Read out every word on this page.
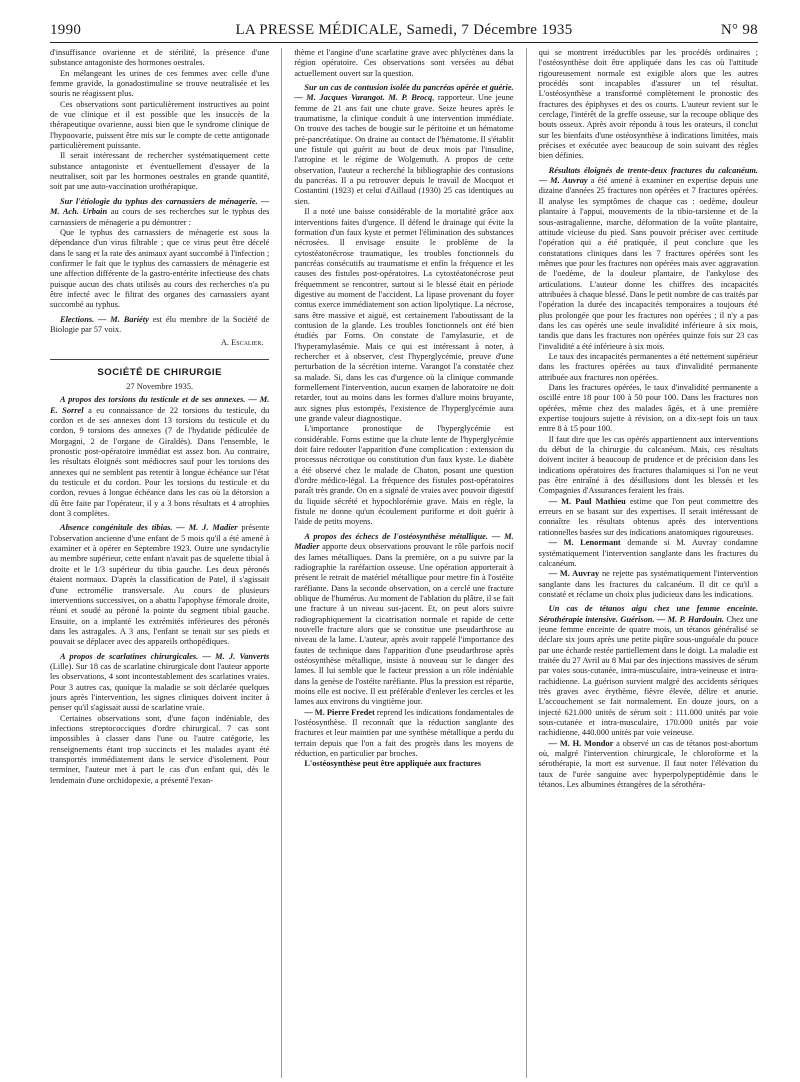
1990	LA PRESSE MÉDICALE, Samedi, 7 Décembre 1935	N° 98

d'insuffisance ovarienne et de stérilité, la présence d'une substance antagoniste des hormones oestrales.

En mélangeant les urines de ces femmes avec celle d'une femme gravide, la gonadostimuline se trouve neutralisée et les souris ne réagissent plus.

Ces observations sont particulièrement instructives au point de vue clinique et il est possible que les insuccès de la thérapeutique ovarienne, aussi bien que le syndrome clinique de l'hypoovarie, puissent être mis sur le compte de cette antigonade particulièrement puissante.

Il serait intéressant de rechercher systématiquement cette substance antagoniste et éventuellement d'essayer de la neutraliser, soit par les hormones oestrales en grande quantité, soit par une auto-vaccination urothérapique.

Sur l'étiologie du typhus des carnassiers de ménagerie. — M. Ach. Urbain au cours de ses recherches sur le typhus des carnassiers de ménagerie a pu démontrer :

Que le typhus des carnassiers de ménagerie est sous la dépendance d'un virus filtrable ; que ce virus peut être décelé dans le sang et la rate des animaux ayant succombé à l'infection ; confirmer le fait que le typhus des carnassiers de ménagerie est une affection différente de la gastro-entérite infectieuse des chats puisque aucun des chats utilisés au cours des recherches n'a pu être infecté avec le filtrat des organes des carnassiers ayant succombé au typhus.

Elections. — M. Bariéty est élu membre de la Société de Biologie par 57 voix.

A. Escalier.
SOCIÉTÉ DE CHIRURGIE
27 Novembre 1935.

A propos des torsions du testicule et de ses annexes. — M. E. Sorrel a eu connaissance de 22 torsions du testicule, du cordon et de ses annexes dont 13 torsions du testicule et du cordon, 9 torsions des annexes (7 de l'hydatide pédiculée de Morgagni, 2 de l'organe de Giraldès). Dans l'ensemble, le pronostic post-opératoire immédiat est assez bon. Au contraire, les résultats éloignés sont médiocres sauf pour les torsions des annexes qui ne semblent pas retentir à longue échéance sur l'état du testicule et du cordon. Pour les torsions du testicule et du cordon, revues à longue échéance dans les cas où la détorsion a dû être faite par l'opérateur, il y a 3 bons résultats et 4 atrophies dont 3 complètes.

Absence congénitale des tibias. — M. J. Madier présente l'observation ancienne d'une enfant de 5 mois qu'il a été amené à examiner et à opérer en Septembre 1923. Outre une syndactylie au membre supérieur, cette enfant n'avait pas de squelette tibial à droite et le 1/3 supérieur du tibia gauche. Les deux péronés étaient normaux. D'après la classification de Patel, il s'agissait d'une ectromélie transversale. Au cours de plusieurs interventions successives, on a abattu l'apophyse fémorale droite, réuni et soudé au péroné la pointe du segment tibial gauche. Ensuite, on a implanté les extrémités inférieures des péronés dans les astragales. A 3 ans, l'enfant se tenait sur ses pieds et pouvait se déplacer avec des appareils orthopédiques.

A propos de scarlatines chirurgicales. — M. J. Vanverts (Lille). Sur 18 cas de scarlatine chirurgicale dont l'auteur apporte les observations, 4 sont incontestablement des scarlatines vraies. Pour 3 autres cas, quoique la maladie se soit déclarée quelques jours après l'intervention, les signes cliniques doivent inciter à penser qu'il s'agissait aussi de scarlatine vraie.

Certaines observations sont, d'une façon indéniable, des infections streptococciques d'ordre chirurgical. 7 cas sont impossibles à classer dans l'une ou l'autre catégorie, les renseignements étant trop succincts et les malades ayant été transportés immédiatement dans le service d'isolement. Pour terminer, l'auteur met à part le cas d'un enfant qui, dès le lendemain d'une orchidopexie, a présenté l'exan-

thème et l'angine d'une scarlatine grave avec phlyctènes dans la région opératoire. Ces observations sont versées au débat actuellement ouvert sur la question.

Sur un cas de contusion isolée du pancréas opérée et guérie. — M. Jacques Varangot. M. P. Brocq, rapporteur. Une jeune femme de 21 ans fait une chute grave. Seize heures après le traumatisme, la clinique conduit à une intervention immédiate. On trouve des taches de bougie sur le péritoine et un hématome pré-pancréatique. On draine au contact de l'hématome. Il s'établit une fistule qui guérit au bout de deux mois par l'insuline, l'atropine et le régime de Wolgemuth. A propos de cette observation, l'auteur a recherché la bibliographie des contusions du pancréas. Il a pu retrouver depuis le travail de Mocquot et Costantini (1923) et celui d'Aillaud (1930) 25 cas identiques au sien.

Il a noté une baisse considérable de la mortalité grâce aux interventions faites d'urgence. Il défend le drainage qui évite la formation d'un faux kyste et permet l'élimination des substances nécrosées. Il envisage ensuite le problème de la cytostéatonécrose traumatique, les troubles fonctionnels du pancréas consécutifs au traumatisme et enfin la fréquence et les causes des fistules post-opératoires. La cytostéatonécrose peut fréquemment se rencontrer, surtout si le blessé était en période digestive au moment de l'accident. La lipase provenant du foyer contus exerce immédiatement son action lipolytique. La nécrose, sans être massive et aiguë, est certainement l'aboutissant de la contusion de la glande. Les troubles fonctionnels ont été bien étudiés par Forns. On constate de l'amylasurie, et de l'hyperamylasémie. Mais ce qui est intéressant à noter, à rechercher et à observer, c'est l'hyperglycémie, preuve d'une perturbation de la sécrétion interne. Varangot l'a constatée chez sa malade. Si, dans les cas d'urgence où la clinique commande formellement l'intervention, aucun examen de laboratoire ne doit retarder, tout au moins dans les formes d'allure moins bruyante, aux signes plus estompés, l'existence de l'hyperglycémie aura une grande valeur diagnostique.

L'importance pronostique de l'hyperglycémie est considérable. Forns estime que la chute lente de l'hyperglycémie doit faire redouter l'apparition d'une complication : extension du processus nécrotique ou constitution d'un faux kyste. Le diabète a été observé chez le malade de Chaton, posant une question d'ordre médico-légal. La fréquence des fistules post-opératoires paraît très grande. On en a signalé de vraies avec pouvoir digestif du liquide sécrété et hypochlorémie grave. Mais en règle, la fistule ne donne qu'un écoulement puriforme et doit guérir à l'aide de petits moyens.

A propos des échecs de l'ostéosynthèse métallique. — M. Madier apporte deux observations prouvant le rôle parfois nocif des lames métalliques. Dans la première, on a pu suivre par la radiographie la raréfaction osseuse. Une opération apporterait à présent le retrait de matériel métallique pour mettre fin à l'ostéite raréfiante. Dans la seconde observation, on a cerclé une fracture oblique de l'humérus. Au moment de l'ablation du plâtre, il se fait une fracture à un niveau sus-jacent. Et, on peut alors suivre radiographiquement la cicatrisation normale et rapide de cette nouvelle fracture alors que se constitue une pseudarthrose au niveau de la lame. L'auteur, après avoir rappelé l'importance des fautes de technique dans l'apparition d'une pseudarthrose après ostéosynthèse métallique, insiste à nouveau sur le danger des lames. Il lui semble que le facteur pression a un rôle indéniable dans la genèse de l'ostéite raréfiante. Plus la pression est répartie, moins elle est nocive. Il est préférable d'enlever les cercles et les lames aux environs du vingtième jour.

— M. Pierre Fredet reprend les indications fondamentales de l'ostéosynthèse. Il reconnaît que la réduction sanglante des fractures et leur maintien par une synthèse métallique a perdu du terrain depuis que l'on a fait des progrès dans les moyens de réduction, en particulier par broches.

L'ostéosynthèse peut être appliquée aux fractures

qui se montrent irréductibles par les procédés ordinaires ; l'ostéosynthèse doit être appliquée dans les cas où l'attitude rigoureusement normale est exigible alors que les autres procédés sont incapables d'assurer un tel résultat. L'ostéosynthèse a transformé complètement le pronostic des fractures des épiphyses et des os courts. L'auteur revient sur le cerclage, l'intérêt de la greffe osseuse, sur la recoupe oblique des bouts osseux. Après avoir répondu à tous les orateurs, il conclut sur les bienfaits d'une ostéosynthèse à indications limitées, mais précises et exécutée avec beaucoup de soin suivant des règles bien définies.

Résultats éloignés de trente-deux fractures du calcanéum. — M. Auvray a été amené à examiner en expertise depuis une dizaine d'années 25 fractures non opérées et 7 fractures opérées. Il analyse les symptômes de chaque cas : oedème, douleur plantaire à l'appui, mouvements de la tibio-tarsienne et de la sous-astragalienne, marche, déformation de la voûte plantaire, attitude vicieuse du pied. Sans pouvoir préciser avec certitude l'opération qui a été pratiquée, il peut conclure que les constatations cliniques dans les 7 fractures opérées sont les mêmes que pour les fractures non opérées mais avec aggravation de l'oedème, de la douleur plantaire, de l'ankylose des articulations. L'auteur donne les chiffres des incapacités attribuées à chaque blessé. Dans le petit nombre de cas traités par l'opération la durée des incapacités temporaires a toujours été plus prolongée que pour les fractures non opérées ; il n'y a pas dans les cas opérés une seule invalidité inférieure à six mois, tandis que dans les fractures non opérées quinze fois sur 23 cas l'invalidité a été inférieure à six mois.

Le taux des incapacités permanentes a été nettement supérieur dans les fractures opérées au taux d'invalidité permanente attribuée aux fractures non opérées.

Dans les fractures opérées, le taux d'invalidité permanente a oscillé entre 18 pour 100 à 50 pour 100. Dans les fractures non opérées, même chez des malades âgés, et à une première expertise toujours sujette à révision, on a dix-sept fois un taux entre 8 à 15 pour 100.

Il faut dire que les cas opérés appartiennent aux interventions du début de la chirurgie du calcanéum. Mais, ces résultats doivent inciter à beaucoup de prudence et de précision dans les indications opératoires des fractures thalamiques si l'on ne veut pas être entraîné à des désillusions dont les blessés et les Compagnies d'Assurances feraient les frais.

— M. Paul Mathieu estime que l'on peut commettre des erreurs en se basant sur des expertises. Il serait intéressant de connaître les résultats obtenus après des interventions rationnelles basées sur des indications anatomiques rigoureuses.

— M. Lenormant demande si M. Auvray condamne systématiquement l'intervention sanglante dans les fractures du calcanéum.

— M. Auvray ne rejette pas systématiquement l'intervention sanglante dans les fractures du calcanéum. Il dit ce qu'il a constaté et réclame un choix plus judicieux dans les indications.

Un cas de tétanos aigu chez une femme enceinte. Sérothérapie intensive. Guérison. — M. P. Hardouin. Chez une jeune femme enceinte de quatre mois, un tétanos généralisé se déclare six jours après une petite piqûre sous-unguéale du pouce par une écharde restée partiellement dans le doigt. La maladie est traitée du 27 Avril au 8 Mai par des injections massives de sérum par voies sous-cutanée, intra-musculaire, intra-veineuse et intra-rachidienne. La guérison survient malgré des accidents sériques très graves avec érythème, fièvre élevée, délire et anurie. L'accouchement se fait normalement. En douze jours, on a injecté 621.000 unités de sérum soit : 111.000 unités par voie sous-cutanée et intra-musculaire, 170.000 unités par voie rachidienne, 440.000 unités par voie veineuse.

— M. H. Mondor a observé un cas de tétanos post-abortum où, malgré l'intervention chirurgicale, le chloroforme et la sérothérapie, la mort est survenue. Il faut noter l'élévation du taux de l'urée sanguine avec hyperpolypeptidémie dans le tétanos. Les albumines étrangères de la sérothéra-
